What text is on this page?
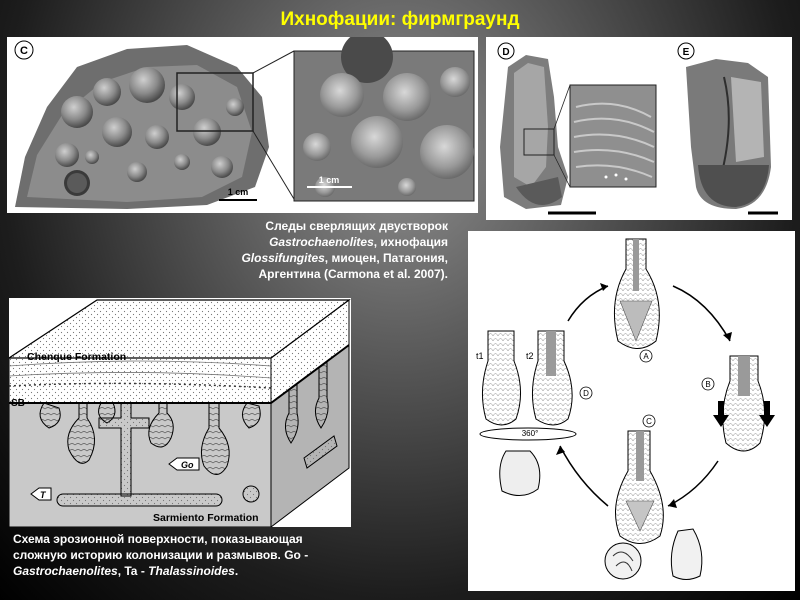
Ихнофации: фирмграунд
1 cm
1 cm
C	D	E
Следы сверлящих двустворок
Gastrochaenolites, ихнофация
Glossifungites, миоцен, Патагония,
Аргентина (Carmona et al. 2007).
Chenque Formation
SB
Go
T
Sarmiento Formation
Схема эрозионной поверхности, показывающая
сложную историю колонизации и размывов. Go -
Gastrochaenolites, Ta - Thalassinoides.
A
B
C
D
t1	t2
360°
